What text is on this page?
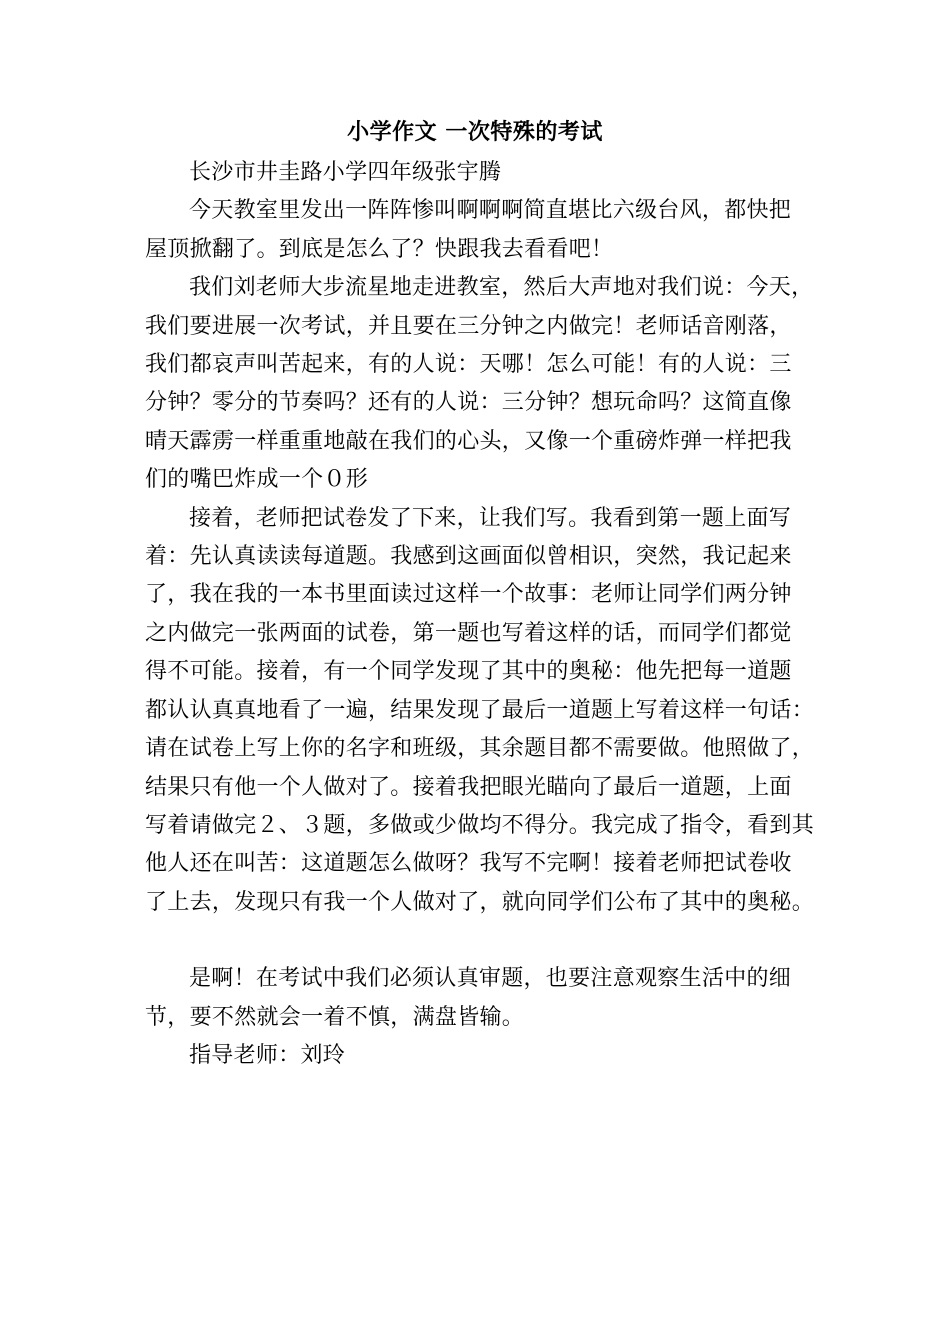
小学作文 一次特殊的考试
长沙市井圭路小学四年级张宇腾
今天教室里发出一阵阵惨叫啊啊啊简直堪比六级台风，都快把
屋顶掀翻了。到底是怎么了？快跟我去看看吧！
我们刘老师大步流星地走进教室，然后大声地对我们说：今天，
我们要进展一次考试，并且要在三分钟之内做完！老师话音刚落，
我们都哀声叫苦起来，有的人说：天哪！怎么可能！有的人说：三
分钟？零分的节奏吗？还有的人说：三分钟？想玩命吗？这简直像
晴天霹雳一样重重地敲在我们的心头，又像一个重磅炸弹一样把我
们的嘴巴炸成一个０形
接着，老师把试卷发了下来，让我们写。我看到第一题上面写
着：先认真读读每道题。我感到这画面似曾相识，突然，我记起来
了，我在我的一本书里面读过这样一个故事：老师让同学们两分钟
之内做完一张两面的试卷，第一题也写着这样的话，而同学们都觉
得不可能。接着，有一个同学发现了其中的奥秘：他先把每一道题
都认认真真地看了一遍，结果发现了最后一道题上写着这样一句话：
请在试卷上写上你的名字和班级，其余题目都不需要做。他照做了，
结果只有他一个人做对了。接着我把眼光瞄向了最后一道题，上面
写着请做完２、３题，多做或少做均不得分。我完成了指令，看到其
他人还在叫苦：这道题怎么做呀？我写不完啊！接着老师把试卷收
了上去，发现只有我一个人做对了，就向同学们公布了其中的奥秘。
是啊！在考试中我们必须认真审题，也要注意观察生活中的细
节，要不然就会一着不慎，满盘皆输。
指导老师：刘玲
